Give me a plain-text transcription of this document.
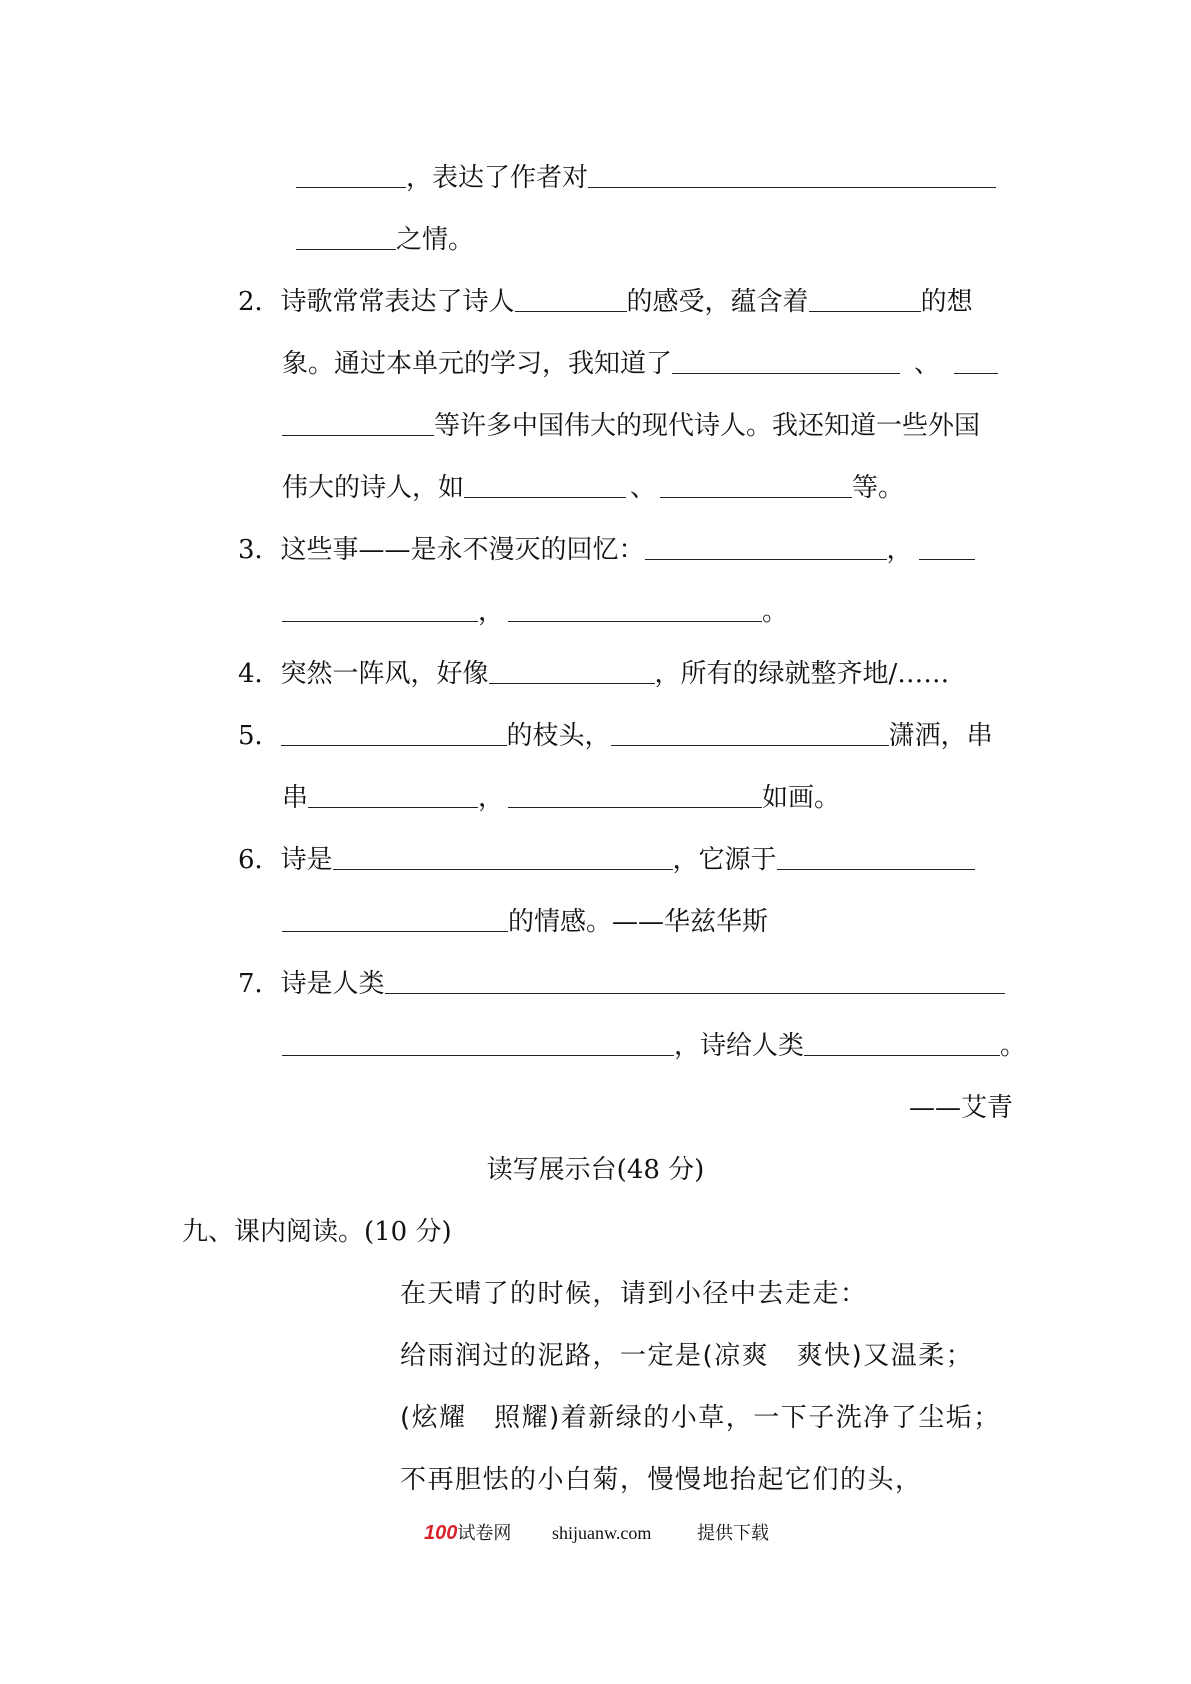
，表达了作者对
之情。
2．诗歌常常表达了诗人	的感受，蕴含着	的想
象。通过本单元的学习，我知道了	、
等许多中国伟大的现代诗人。我还知道一些外国
伟大的诗人，如	、	等。
3．这些事——是永不漫灭的回忆：	，
，	。
4．突然一阵风，好像	，所有的绿就整齐地/……
5．	的枝头，	潇洒，串
串	，	如画。
6．诗是	，它源于
的情感。——华兹华斯
7．诗是人类
，诗给人类	。
——艾青
读写展示台(48 分)
九、课内阅读。(10 分)
在天晴了的时候，请到小径中去走走：
给雨润过的泥路，一定是(凉爽　爽快)又温柔；
(炫耀　照耀)着新绿的小草，一下子洗净了尘垢；
不再胆怯的小白菊，慢慢地抬起它们的头，
100试卷网 shijuanw.com	提供下载
